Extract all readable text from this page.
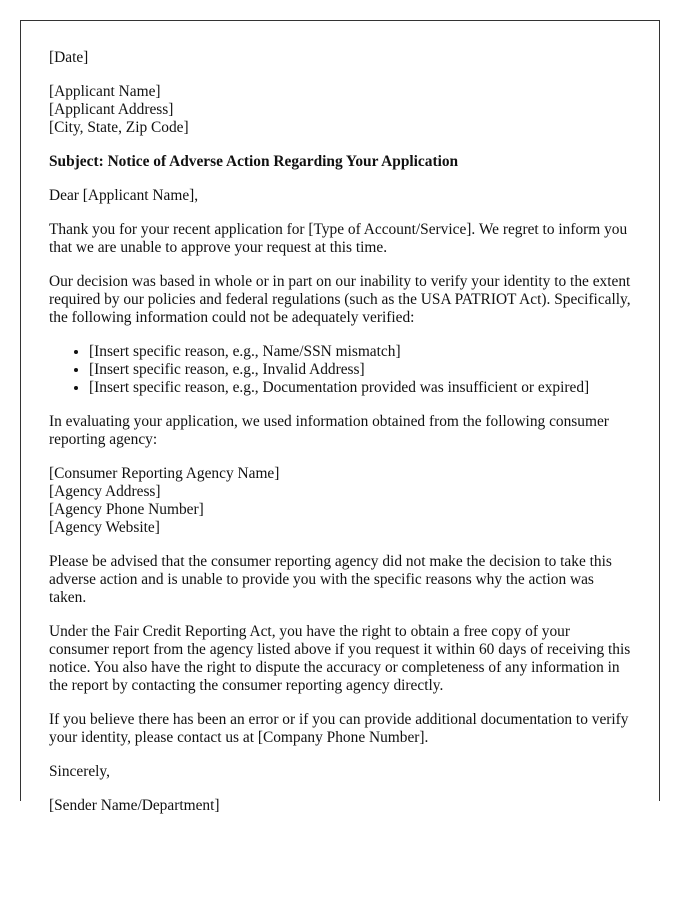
[Date]

[Applicant Name]
[Applicant Address]
[City, State, Zip Code]

Subject: Notice of Adverse Action Regarding Your Application

Dear [Applicant Name],

Thank you for your recent application for [Type of Account/Service]. We regret to inform you that we are unable to approve your request at this time.

Our decision was based in whole or in part on our inability to verify your identity to the extent required by our policies and federal regulations (such as the USA PATRIOT Act). Specifically, the following information could not be adequately verified:

• [Insert specific reason, e.g., Name/SSN mismatch]
• [Insert specific reason, e.g., Invalid Address]
• [Insert specific reason, e.g., Documentation provided was insufficient or expired]

In evaluating your application, we used information obtained from the following consumer reporting agency:

[Consumer Reporting Agency Name]
[Agency Address]
[Agency Phone Number]
[Agency Website]

Please be advised that the consumer reporting agency did not make the decision to take this adverse action and is unable to provide you with the specific reasons why the action was taken.

Under the Fair Credit Reporting Act, you have the right to obtain a free copy of your consumer report from the agency listed above if you request it within 60 days of receiving this notice. You also have the right to dispute the accuracy or completeness of any information in the report by contacting the consumer reporting agency directly.

If you believe there has been an error or if you can provide additional documentation to verify your identity, please contact us at [Company Phone Number].

Sincerely,

[Sender Name/Department]
